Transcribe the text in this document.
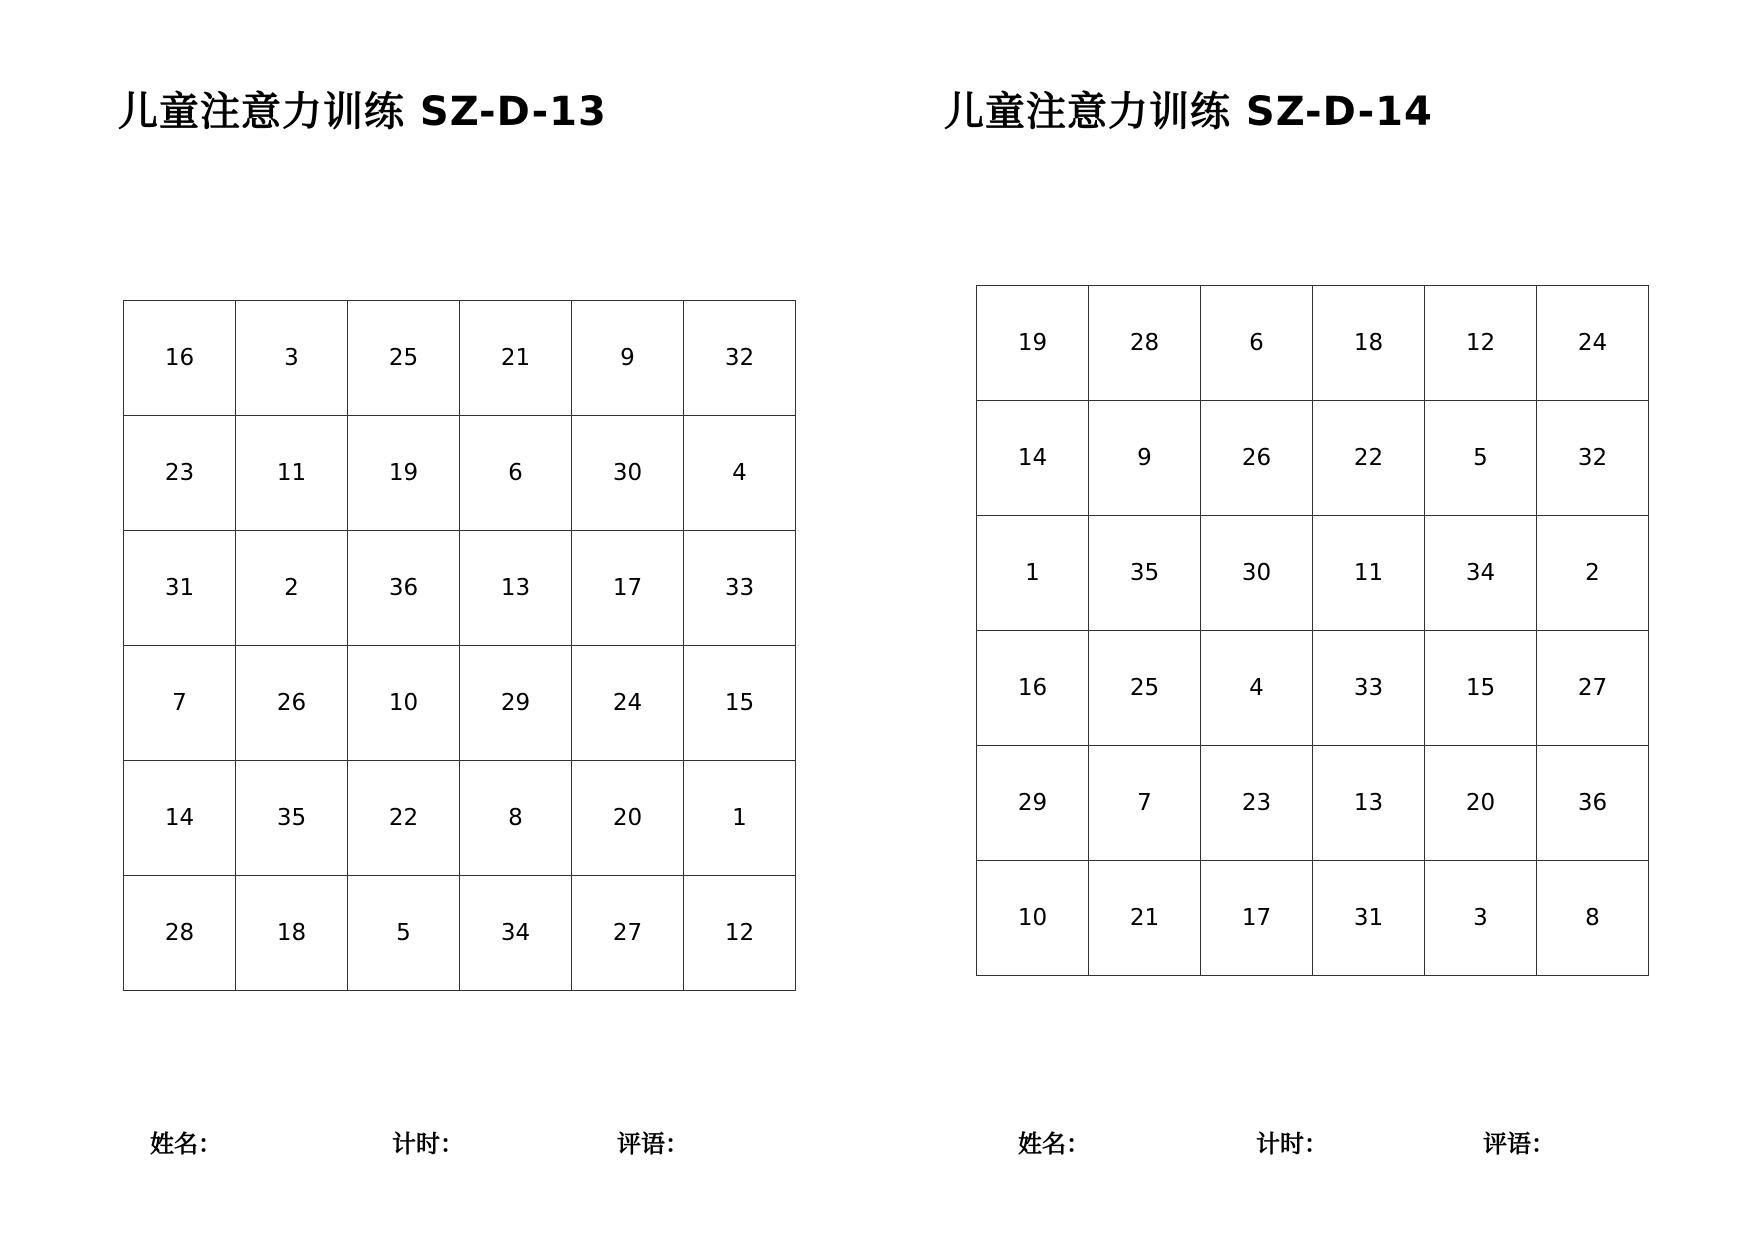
儿童注意力训练 SZ-D-13	儿童注意力训练 SZ-D-14
16	3	25	21	9	32
23	11	19	6	30	4
31	2	36	13	17	33
7	26	10	29	24	15
14	35	22	8	20	1
28	18	5	34	27	12
19	28	6	18	12	24
14	9	26	22	5	32
1	35	30	11	34	2
16	25	4	33	15	27
29	7	23	13	20	36
10	21	17	31	3	8
姓名：	计时：	评语：	姓名：	计时：	评语：
